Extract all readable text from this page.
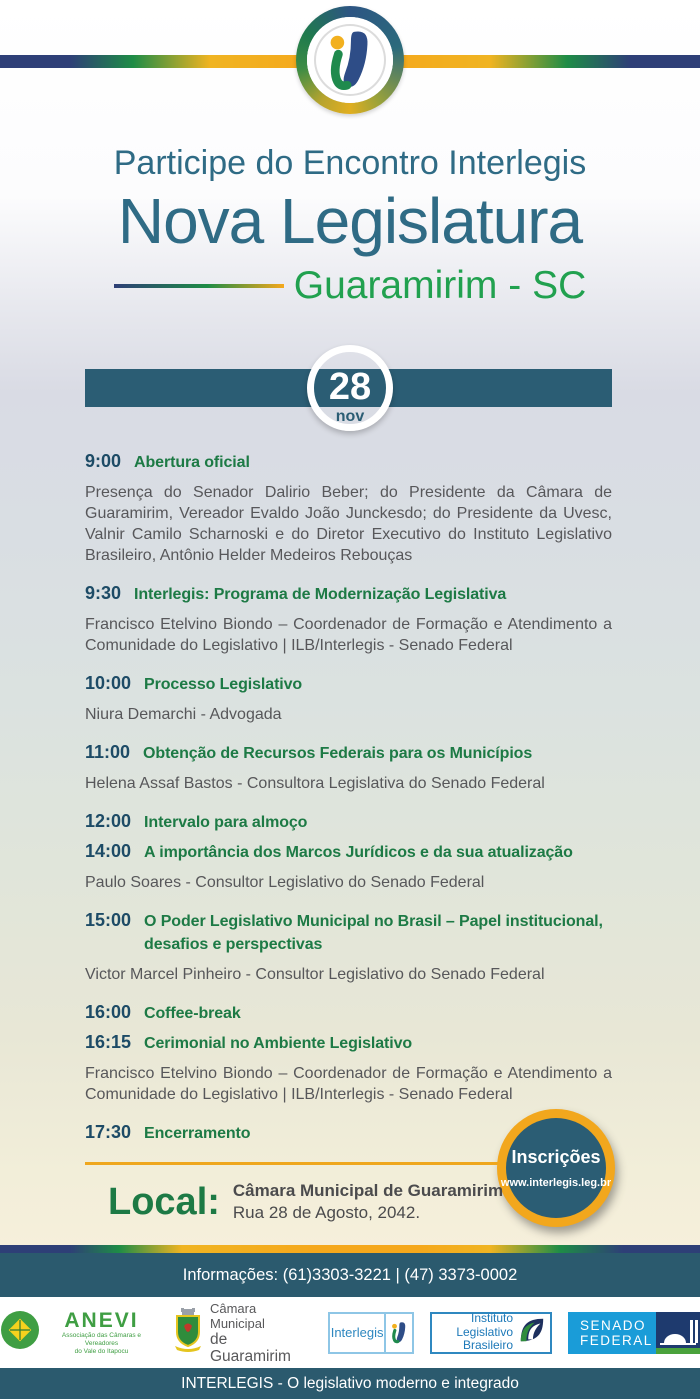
Participe do Encontro Interlegis
Nova Legislatura
Guaramirim - SC
28
nov
9:00 Abertura oficial

Presença do Senador Dalirio Beber; do Presidente da Câmara de Guaramirim, Vereador Evaldo João Junckesdo; do Presidente da Uvesc, Valnir Camilo Scharnoski e do Diretor Executivo do Instituto Legislativo Brasileiro, Antônio Helder Medeiros Rebouças

9:30 Interlegis: Programa de Modernização Legislativa

Francisco Etelvino Biondo – Coordenador de Formação e Atendimento a Comunidade do Legislativo | ILB/Interlegis - Senado Federal

10:00 Processo Legislativo

Niura Demarchi - Advogada

11:00 Obtenção de Recursos Federais para os Municípios

Helena Assaf Bastos - Consultora Legislativa do Senado Federal

12:00 Intervalo para almoço
14:00 A importância dos Marcos Jurídicos e da sua atualização

Paulo Soares - Consultor Legislativo do Senado Federal

15:00 O Poder Legislativo Municipal no Brasil – Papel institucional, desafios e perspectivas

Victor Marcel Pinheiro - Consultor Legislativo do Senado Federal

16:00 Coffee-break
16:15 Cerimonial no Ambiente Legislativo

Francisco Etelvino Biondo – Coordenador de Formação e Atendimento a Comunidade do Legislativo | ILB/Interlegis - Senado Federal

17:30 Encerramento
Inscrições
www.interlegis.leg.br
Local: Câmara Municipal de Guaramirim
Rua 28 de Agosto, 2042.
Informações: (61)3303-3221 | (47) 3373-0002
ANEVI
Associação das Câmaras e Vereadores
do Vale do Itapocu
Câmara Municipal
de Guaramirim
Interlegis
Instituto Legislativo
Brasileiro
SENADO
FEDERAL
INTERLEGIS - O legislativo moderno e integrado
